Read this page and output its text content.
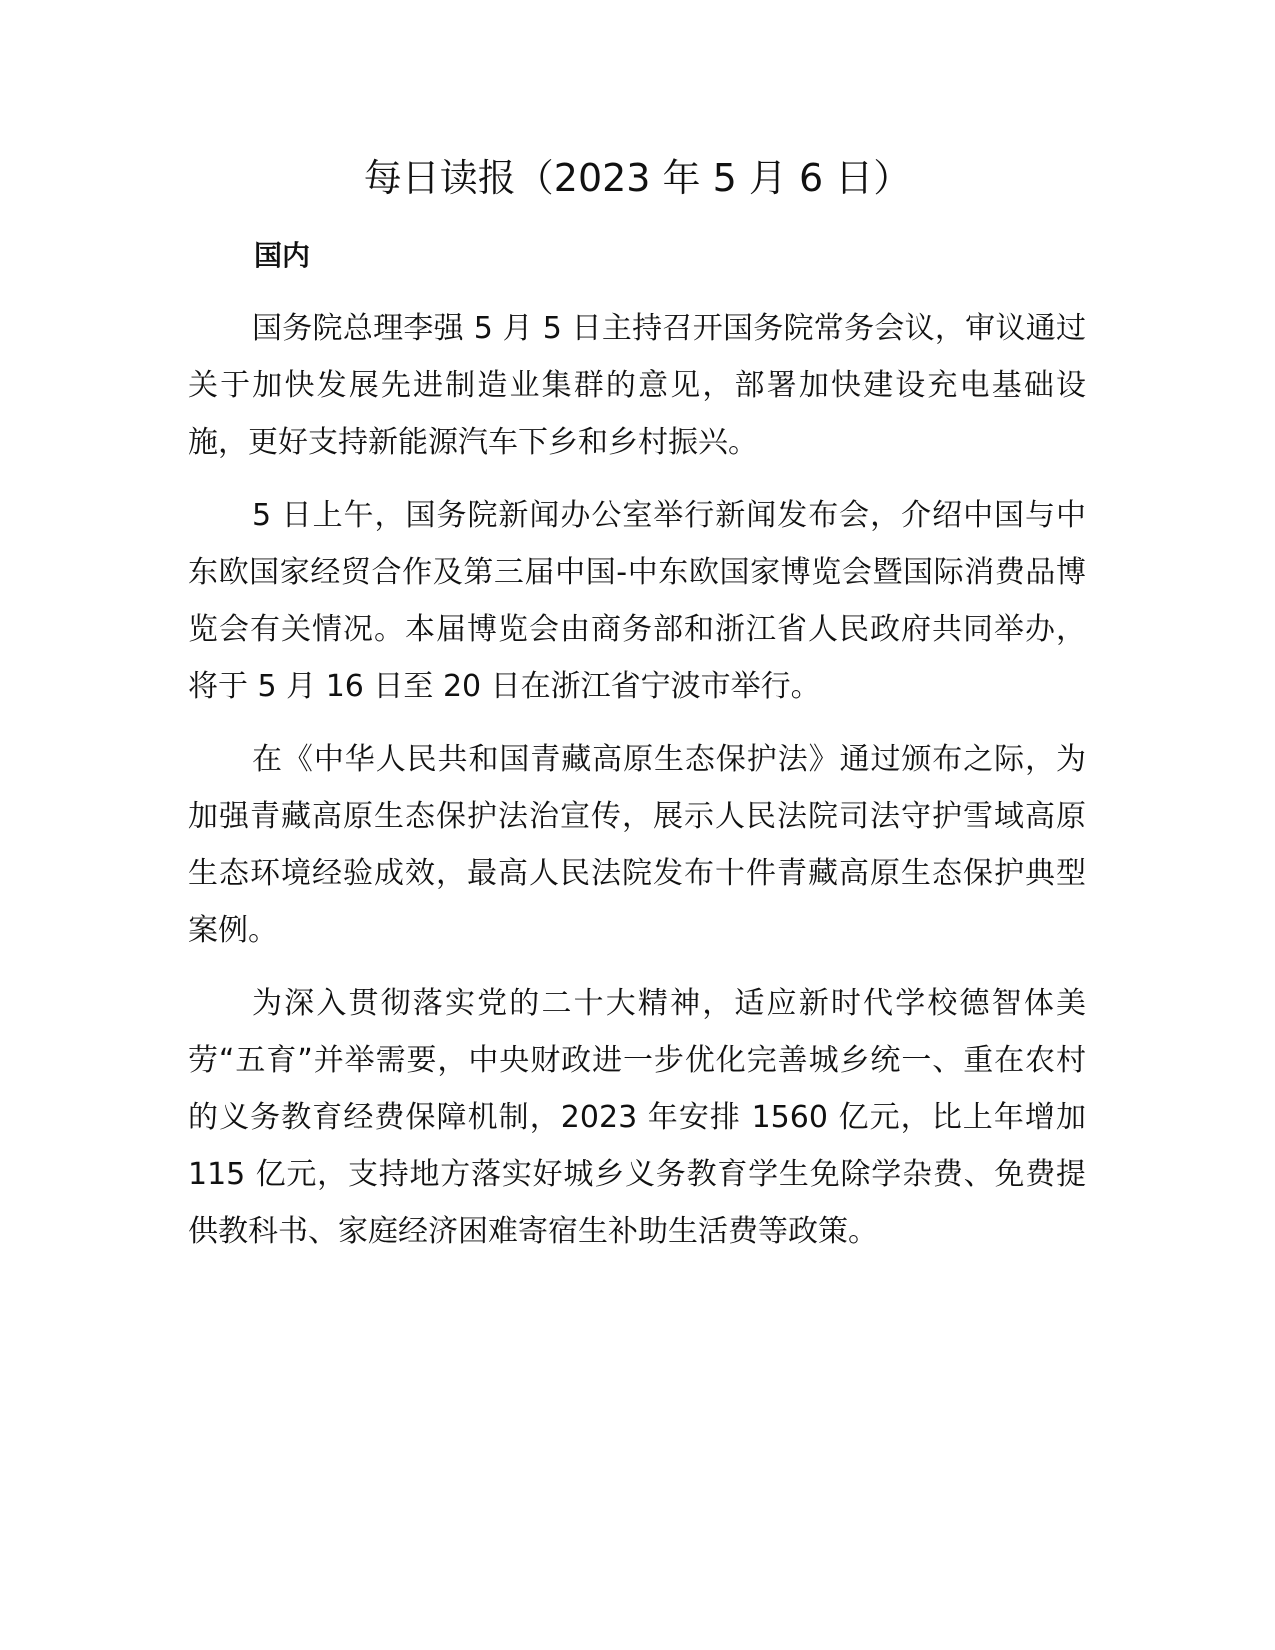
每日读报（2023 年 5 月 6 日）
国内

国务院总理李强 5 月 5 日主持召开国务院常务会议，审议通过关于加快发展先进制造业集群的意见，部署加快建设充电基础设施，更好支持新能源汽车下乡和乡村振兴。

5 日上午，国务院新闻办公室举行新闻发布会，介绍中国与中东欧国家经贸合作及第三届中国-中东欧国家博览会暨国际消费品博览会有关情况。本届博览会由商务部和浙江省人民政府共同举办，将于 5 月 16 日至 20 日在浙江省宁波市举行。

在《中华人民共和国青藏高原生态保护法》通过颁布之际，为加强青藏高原生态保护法治宣传，展示人民法院司法守护雪域高原生态环境经验成效，最高人民法院发布十件青藏高原生态保护典型案例。

为深入贯彻落实党的二十大精神，适应新时代学校德智体美劳“五育”并举需要，中央财政进一步优化完善城乡统一、重在农村的义务教育经费保障机制，2023 年安排 1560 亿元，比上年增加 115 亿元，支持地方落实好城乡义务教育学生免除学杂费、免费提供教科书、家庭经济困难寄宿生补助生活费等政策。
